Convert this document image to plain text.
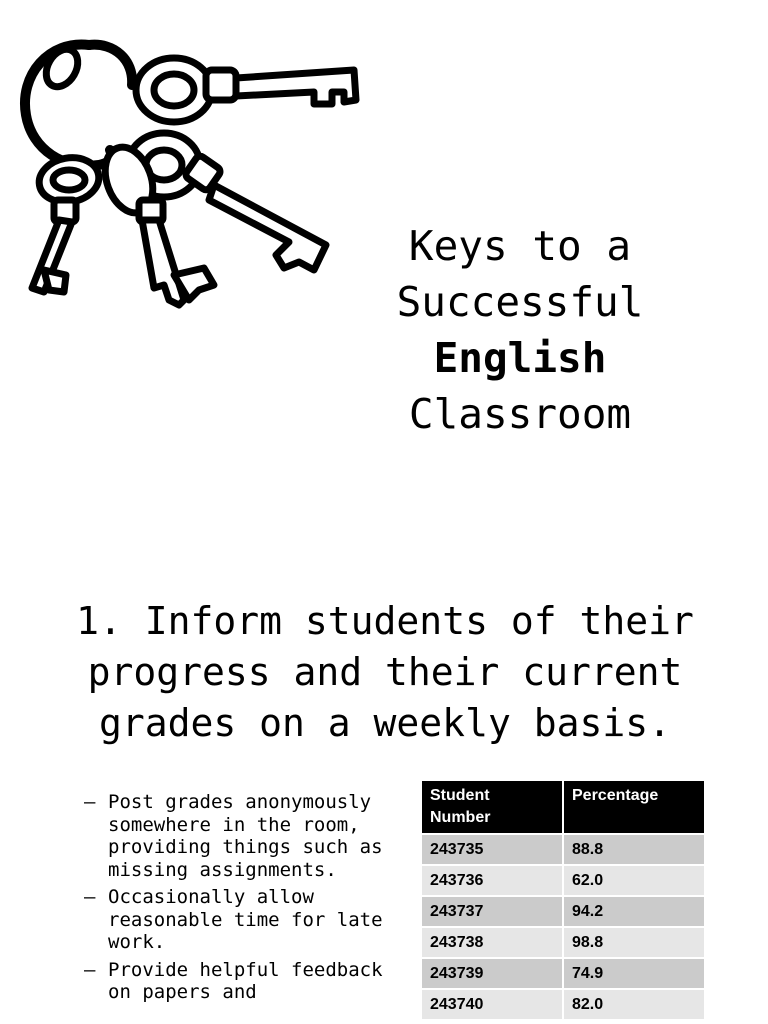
Keys to a
Successful
English
Classroom
1. Inform students of their
progress and their current
grades on a weekly basis.
– Post grades anonymously somewhere in the room, providing things such as missing assignments.
– Occasionally allow reasonable time for late work.
– Provide helpful feedback on papers and
Student Number	Percentage
243735	88.8
243736	62.0
243737	94.2
243738	98.8
243739	74.9
243740	82.0
